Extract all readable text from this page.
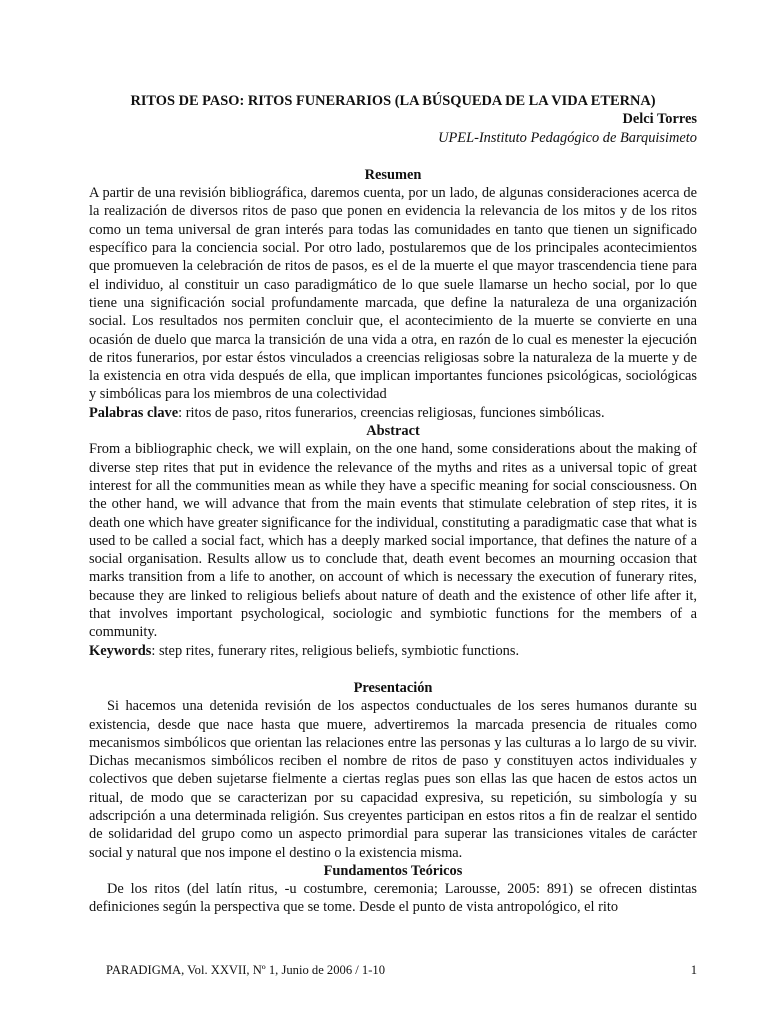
RITOS DE PASO: RITOS FUNERARIOS (LA BÚSQUEDA DE LA VIDA ETERNA)

Delci Torres

UPEL-Instituto Pedagógico de Barquisimeto

Resumen

A partir de una revisión bibliográfica, daremos cuenta, por un lado, de algunas consideraciones acerca de la realización de diversos ritos de paso que ponen en evidencia la relevancia de los mitos y de los ritos como un tema universal de gran interés para todas las comunidades en tanto que tienen un significado específico para la conciencia social. Por otro lado, postularemos que de los principales acontecimientos que promueven la celebración de ritos de pasos, es el de la muerte el que mayor trascendencia tiene para el individuo, al constituir un caso paradigmático de lo que suele llamarse un hecho social, por lo que tiene una significación social profundamente marcada, que define la naturaleza de una organización social. Los resultados nos permiten concluir que, el acontecimiento de la muerte se convierte en una ocasión de duelo que marca la transición de una vida a otra, en razón de lo cual es menester la ejecución de ritos funerarios, por estar éstos vinculados a creencias religiosas sobre la naturaleza de la muerte y de la existencia en otra vida después de ella, que implican importantes funciones psicológicas, sociológicas y simbólicas para los miembros de una colectividad

Palabras clave: ritos de paso, ritos funerarios, creencias religiosas, funciones simbólicas.

Abstract

From a bibliographic check, we will explain, on the one hand, some considerations about the making of diverse step rites that put in evidence the relevance of the myths and rites as a universal topic of great interest for all the communities mean as while they have a specific meaning for social consciousness. On the other hand, we will advance that from the main events that stimulate celebration of step rites, it is death one which have greater significance for the individual, constituting a paradigmatic case that what is used to be called a social fact, which has a deeply marked social importance, that defines the nature of a social organisation. Results allow us to conclude that, death event becomes an mourning occasion that marks transition from a life to another, on account of which is necessary the execution of funerary rites, because they are linked to religious beliefs about nature of death and the existence of other life after it, that involves important psychological, sociologic and symbiotic functions for the members of a community.

Keywords: step rites, funerary rites, religious beliefs, symbiotic functions.

Presentación

Si hacemos una detenida revisión de los aspectos conductuales de los seres humanos durante su existencia, desde que nace hasta que muere, advertiremos la marcada presencia de rituales como mecanismos simbólicos que orientan las relaciones entre las personas y las culturas a lo largo de su vivir. Dichas mecanismos simbólicos reciben el nombre de ritos de paso y constituyen actos individuales y colectivos que deben sujetarse fielmente a ciertas reglas pues son ellas las que hacen de estos actos un ritual, de modo que se caracterizan por su capacidad expresiva, su repetición, su simbología y su adscripción a una determinada religión. Sus creyentes participan en estos ritos a fin de realzar el sentido de solidaridad del grupo como un aspecto primordial para superar las transiciones vitales de carácter social y natural que nos impone el destino o la existencia misma.

Fundamentos Teóricos

De los ritos (del latín ritus, -u costumbre, ceremonia; Larousse, 2005: 891) se ofrecen distintas definiciones según la perspectiva que se tome. Desde el punto de vista antropológico, el rito

PARADIGMA, Vol. XXVII, Nº 1, Junio de 2006 / 1-10	1
